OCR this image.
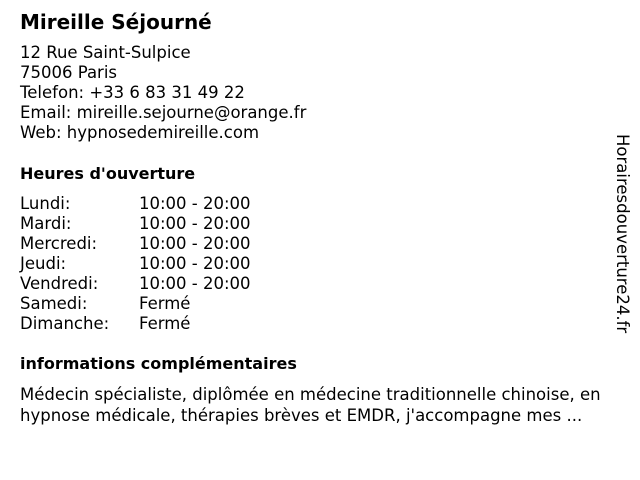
Mireille Séjourné
12 Rue Saint-Sulpice
75006 Paris
Telefon: +33 6 83 31 49 22
Email: mireille.sejourne@orange.fr
Web: hypnosedemireille.com
Heures d'ouverture
Lundi:	10:00 - 20:00
Mardi:	10:00 - 20:00
Mercredi:	10:00 - 20:00
Jeudi:	10:00 - 20:00
Vendredi: 10:00 - 20:00
Samedi:	Fermé
Dimanche: Fermé
informations complémentaires
Médecin spécialiste, diplômée en médecine traditionnelle chinoise, en hypnose médicale, thérapies brèves et EMDR, j'accompagne mes ...
Horairesdouverture24.fr
